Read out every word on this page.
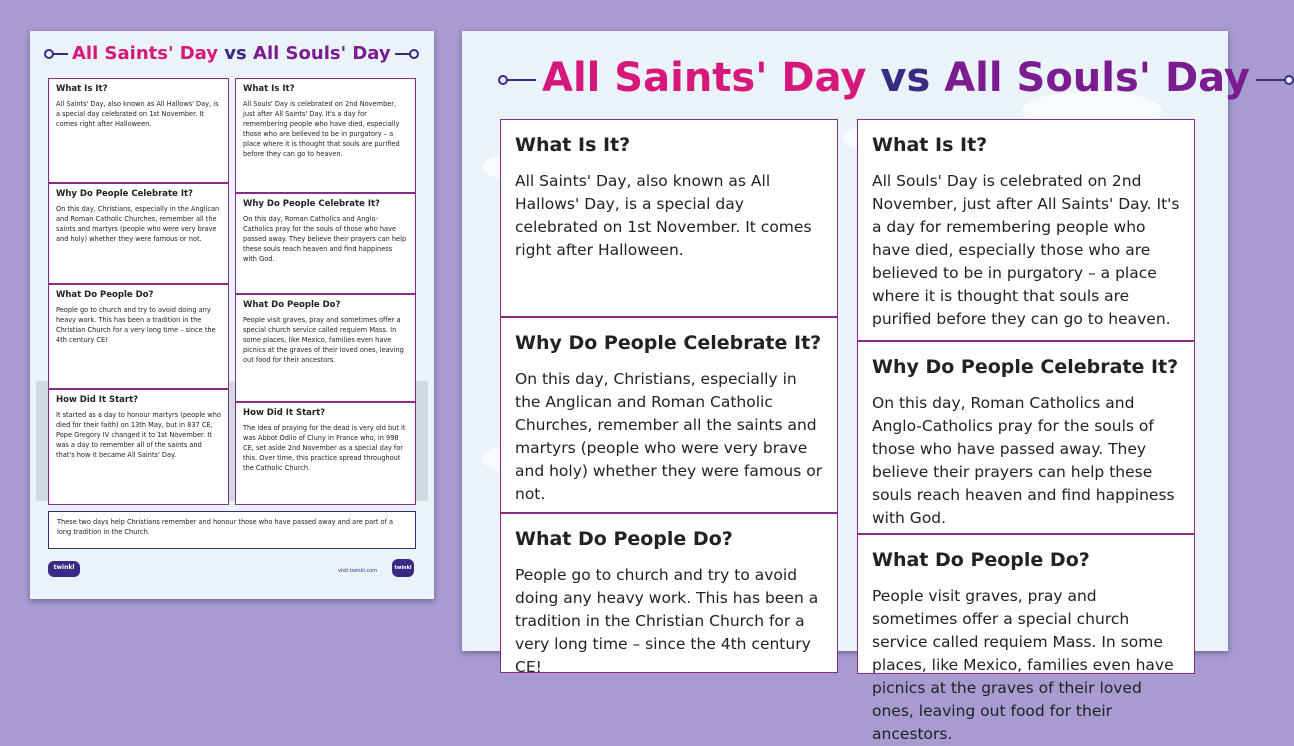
All Saints' Day vs All Souls' Day
What Is It?

All Saints' Day, also known as All Hallows' Day, is a special day celebrated on 1st November. It comes right after Halloween.

Why Do People Celebrate It?

On this day, Christians, especially in the Anglican and Roman Catholic Churches, remember all the saints and martyrs (people who were very brave and holy) whether they were famous or not.

What Do People Do?

People go to church and try to avoid doing any heavy work. This has been a tradition in the Christian Church for a very long time – since the 4th century CE!

How Did It Start?

It started as a day to honour martyrs (people who died for their faith) on 13th May, but in 837 CE, Pope Gregory IV changed it to 1st November. It was a day to remember all of the saints and that's how it became All Saints' Day.

What Is It?

All Souls' Day is celebrated on 2nd November, just after All Saints' Day. It's a day for remembering people who have died, especially those who are believed to be in purgatory – a place where it is thought that souls are purified before they can go to heaven.

Why Do People Celebrate It?

On this day, Roman Catholics and Anglo-Catholics pray for the souls of those who have passed away. They believe their prayers can help these souls reach heaven and find happiness with God.

What Do People Do?

People visit graves, pray and sometimes offer a special church service called requiem Mass. In some places, like Mexico, families even have picnics at the graves of their loved ones, leaving out food for their ancestors.

How Did It Start?

The idea of praying for the dead is very old but it was Abbot Odilo of Cluny in France who, in 998 CE, set aside 2nd November as a special day for this. Over time, this practice spread throughout the Catholic Church.

These two days help Christians remember and honour those who have passed away and are part of a long tradition in the Church.
twinkl	visit twinkl.com	twinkl
All Saints' Day vs All Souls' Day
What Is It?

All Saints' Day, also known as All Hallows' Day, is a special day celebrated on 1st November. It comes right after Halloween.

Why Do People Celebrate It?

On this day, Christians, especially in the Anglican and Roman Catholic Churches, remember all the saints and martyrs (people who were very brave and holy) whether they were famous or not.

What Do People Do?

People go to church and try to avoid doing any heavy work. This has been a tradition in the Christian Church for a very long time – since the 4th century CE!

What Is It?

All Souls' Day is celebrated on 2nd November, just after All Saints' Day. It's a day for remembering people who have died, especially those who are believed to be in purgatory – a place where it is thought that souls are purified before they can go to heaven.

Why Do People Celebrate It?

On this day, Roman Catholics and Anglo-Catholics pray for the souls of those who have passed away. They believe their prayers can help these souls reach heaven and find happiness with God.

What Do People Do?

People visit graves, pray and sometimes offer a special church service called requiem Mass. In some places, like Mexico, families even have picnics at the graves of their loved ones, leaving out food for their ancestors.
